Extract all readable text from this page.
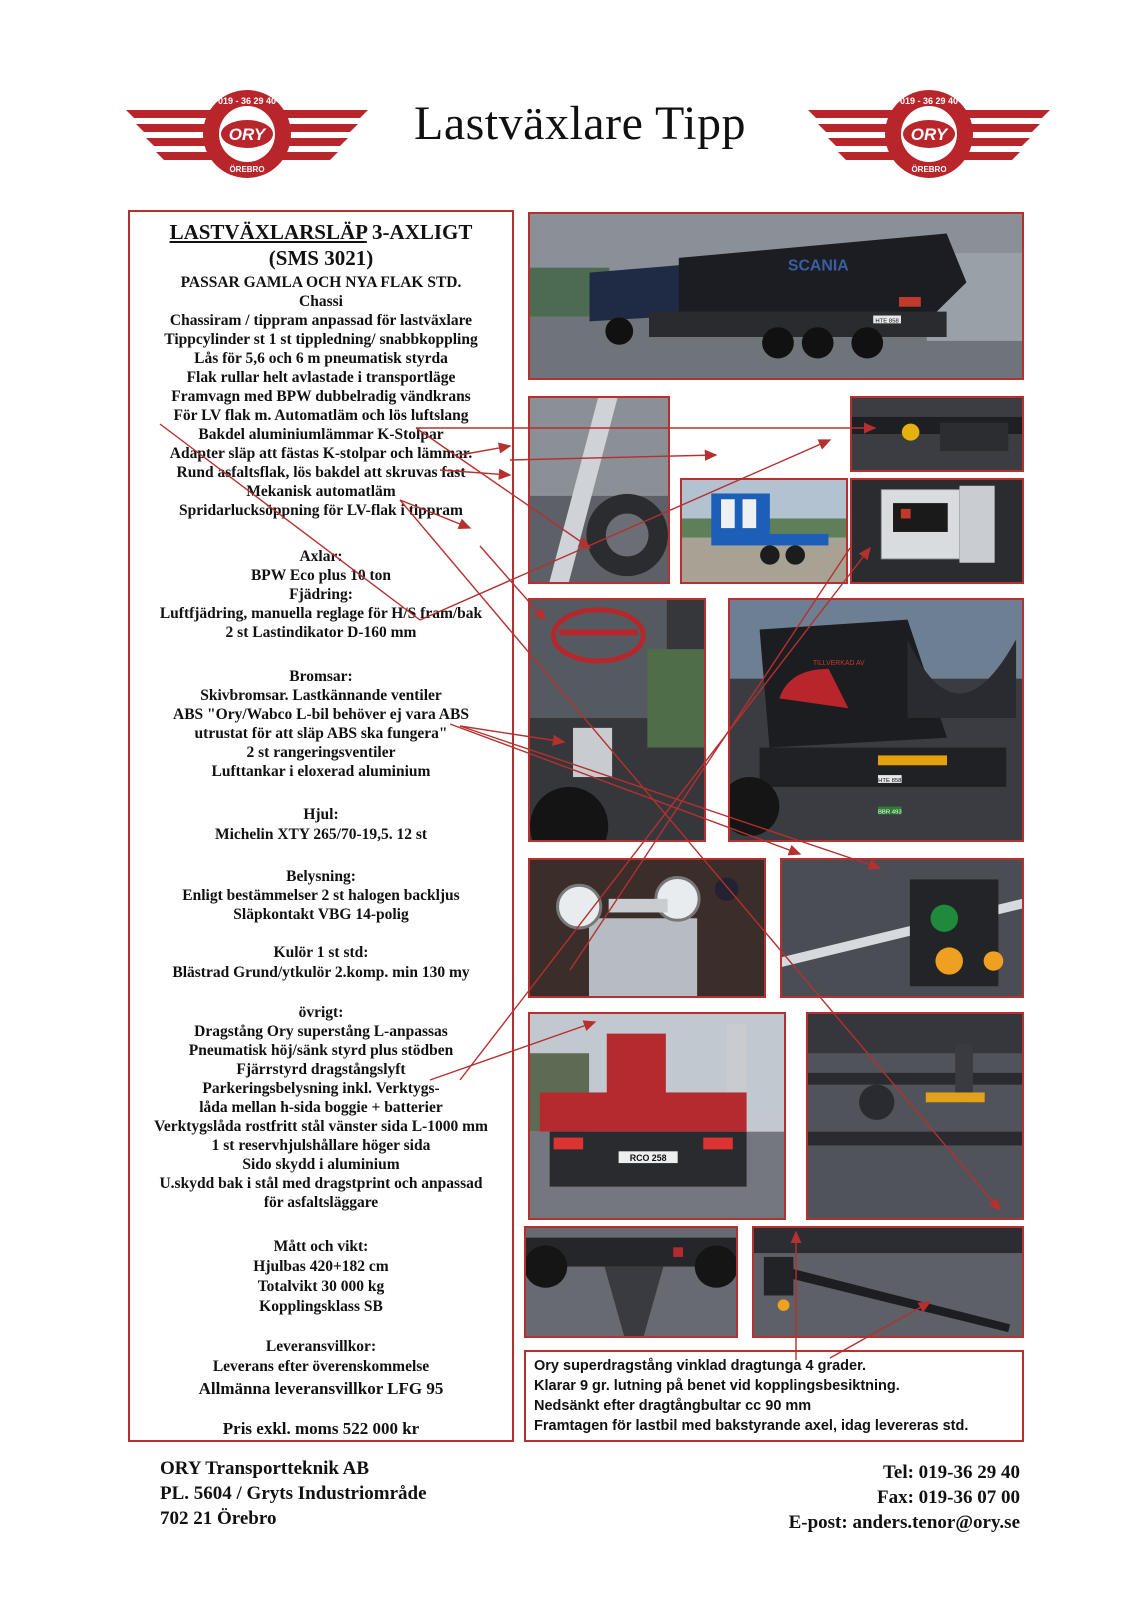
ORY
019 - 36 29 40
ÖREBRO
Lastväxlare Tipp	ORY
019 - 36 29 40
ÖREBRO
LASTVÄXLARSLÄP 3-AXLIGT
(SMS 3021)
PASSAR GAMLA OCH NYA FLAK STD.
Chassi
Chassiram / tippram anpassad för lastväxlare
Tippcylinder st 1 st tippledning/ snabbkoppling
Lås för 5,6 och 6 m pneumatisk styrda
Flak rullar helt avlastade i transportläge
Framvagn med BPW dubbelradig vändkrans
För LV flak m. Automatläm och lös luftslang
Bakdel aluminiumlämmar K-Stolpar
Adapter släp att fästas K-stolpar och lämmar.
Rund asfaltsflak, lös bakdel att skruvas fast
Mekanisk automatläm
Spridarlucksöppning för LV-flak i tippram
Axlar:
BPW Eco plus 10 ton
Fjädring:
Luftfjädring, manuella reglage för H/S fram/bak
2 st Lastindikator D-160 mm
Bromsar:
Skivbromsar. Lastkännande ventiler
ABS "Ory/Wabco L-bil behöver ej vara ABS
utrustat för att släp ABS ska fungera"
2 st rangeringsventiler
Lufttankar i eloxerad aluminium
Hjul:
Michelin XTY 265/70-19,5. 12 st
Belysning:
Enligt bestämmelser 2 st halogen backljus
Släpkontakt VBG 14-polig
Kulör 1 st std:
Blästrad Grund/ytkulör 2.komp. min 130 my
övrigt:
Dragstång Ory superstång L-anpassas
Pneumatisk höj/sänk styrd plus stödben
Fjärrstyrd dragstångslyft
Parkeringsbelysning inkl. Verktygs-
låda mellan h-sida boggie + batterier
Verktygslåda rostfritt stål vänster sida L-1000 mm
1 st reservhjulshållare höger sida
Sido skydd i aluminium
U.skydd bak i stål med dragstprint och anpassad
för asfaltsläggare
Mått och vikt:
Hjulbas 420+182 cm
Totalvikt 30 000 kg
Kopplingsklass SB
Leveransvillkor:
Leverans efter överenskommelse
Allmänna leveransvillkor LFG 95
Pris exkl. moms 522 000 kr
SCANIA
HTE 858
HTE 858
BBR 493
TILLVERKAD AV
RCO 258
Ory superdragstång vinklad dragtunga 4 grader.
Klarar 9 gr. lutning på benet vid kopplingsbesiktning.
Nedsänkt efter dragtångbultar cc 90 mm
Framtagen för lastbil med bakstyrande axel, idag levereras std.
ORY Transportteknik AB
PL. 5604 / Gryts Industriområde
702 21 Örebro
Tel: 019-36 29 40
Fax: 019-36 07 00
E-post: anders.tenor@ory.se
